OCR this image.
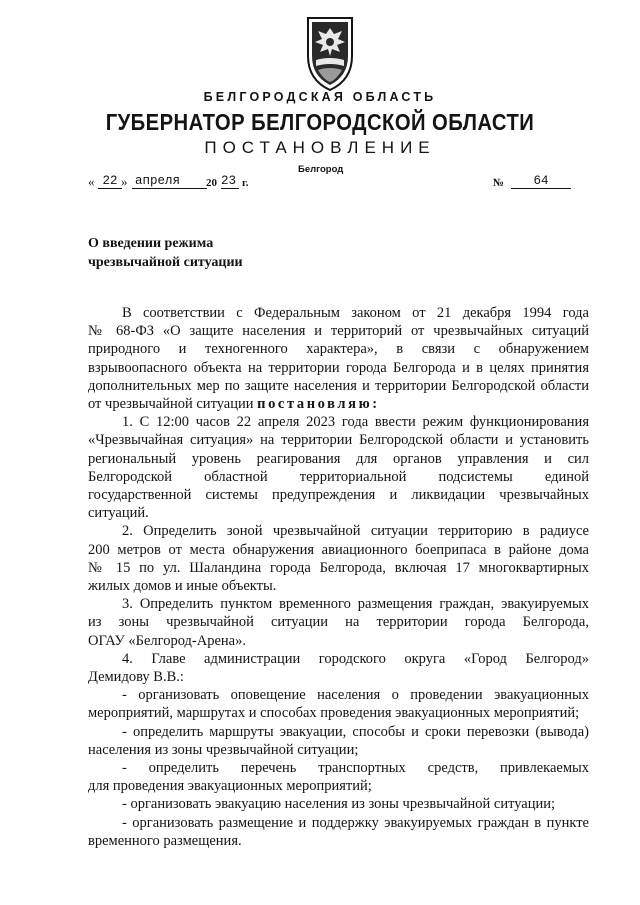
БЕЛГОРОДСКАЯ ОБЛАСТЬ
ГУБЕРНАТОР БЕЛГОРОДСКОЙ ОБЛАСТИ
ПОСТАНОВЛЕНИЕ
Белгород
« 22 » апреля	20 23 г.	№	64
О введении режима
чрезвычайной ситуации

В соответствии с Федеральным законом от 21 декабря 1994 года

№ 68-ФЗ «О защите населения и территорий от чрезвычайных ситуаций

природного и техногенного характера», в связи с обнаружением

взрывоопасного объекта на территории города Белгорода и в целях принятия

дополнительных мер по защите населения и территории Белгородской области

от чрезвычайной ситуации постановляю:

1. С 12:00 часов 22 апреля 2023 года ввести режим функционирования

«Чрезвычайная ситуация» на территории Белгородской области и установить

региональный уровень реагирования для органов управления и сил

Белгородской областной территориальной подсистемы единой

государственной системы предупреждения и ликвидации чрезвычайных

ситуаций.

2. Определить зоной чрезвычайной ситуации территорию в радиусе

200 метров от места обнаружения авиационного боеприпаса в районе дома

№ 15 по ул. Шаландина города Белгорода, включая 17 многоквартирных

жилых домов и иные объекты.

3. Определить пунктом временного размещения граждан, эвакуируемых

из зоны чрезвычайной ситуации на территории города Белгорода,

ОГАУ «Белгород-Арена».

4. Главе администрации городского округа «Город Белгород»

Демидову В.В.:

- организовать оповещение населения о проведении эвакуационных

мероприятий, маршрутах и способах проведения эвакуационных мероприятий;

- определить маршруты эвакуации, способы и сроки перевозки (вывода)

населения из зоны чрезвычайной ситуации;

- определить перечень транспортных средств, привлекаемых

для проведения эвакуационных мероприятий;

- организовать эвакуацию населения из зоны чрезвычайной ситуации;

- организовать размещение и поддержку эвакуируемых граждан в пункте

временного размещения.
